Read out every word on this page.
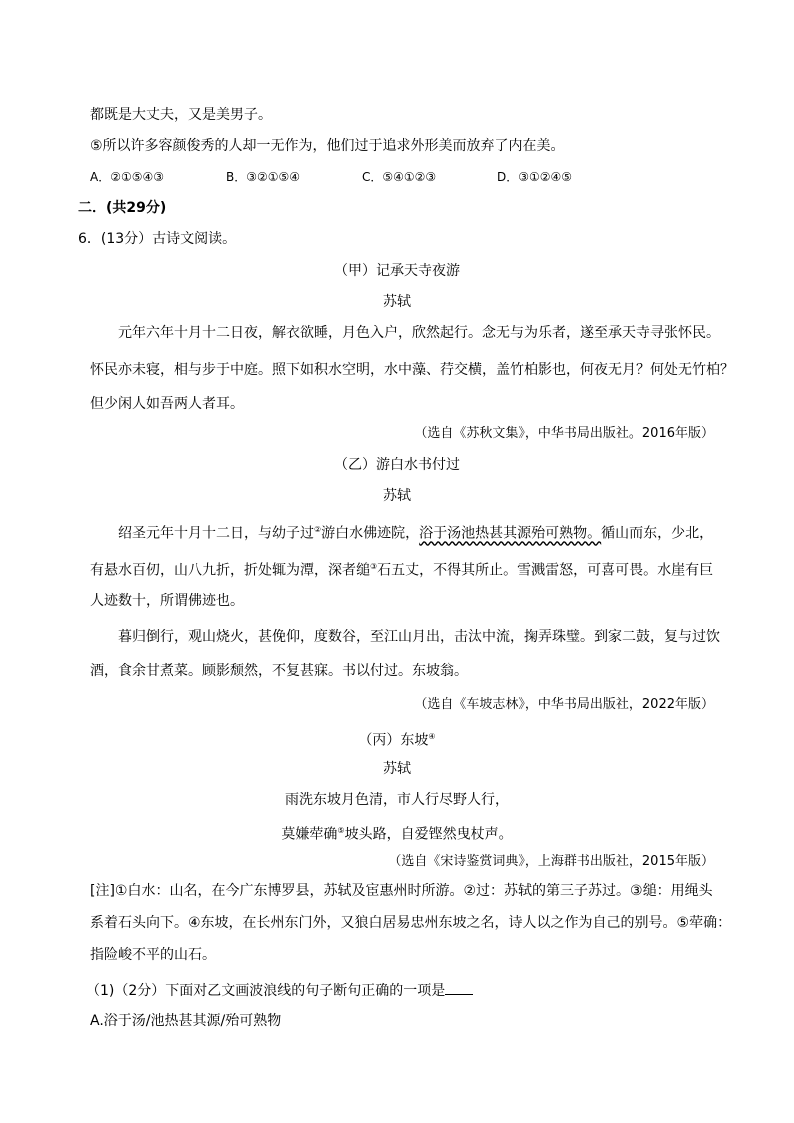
都既是大丈夫，又是美男子。
⑤所以许多容颜俊秀的人却一无作为，他们过于追求外形美而放弃了内在美。
A．②①⑤④③	B．③②①⑤④	C．⑤④①②③	D．③①②④⑤
二．(共29分)
6．(13分）古诗文阅读。
（甲）记承天寺夜游
苏轼
元年六年十月十二日夜，解衣欲睡，月色入户，欣然起行。念无与为乐者，遂至承天寺寻张怀民。
怀民亦未寝，相与步于中庭。照下如积水空明，水中藻、荇交横，盖竹柏影也，何夜无月？何处无竹柏？
但少闲人如吾两人者耳。
（选自《苏秋文集》，中华书局出版社。2016年版）
（乙）游白水书付过
苏轼
绍圣元年十月十二日，与幼子过②游白水佛迹院，浴于汤池热甚其源殆可熟物。循山而东，少北，
有悬水百仞，山八九折，折处辄为潭，深者缒③石五丈，不得其所止。雪溅雷怒，可喜可畏。水崖有巨
人迹数十，所谓佛迹也。
暮归倒行，观山烧火，甚俛仰，度数谷，至江山月出，击汰中流，掬弄珠璧。到家二鼓，复与过饮
酒，食余甘煮菜。顾影颓然，不复甚寐。书以付过。东坡翁。
（选自《车坡志林》，中华书局出版社，2022年版）
（丙）东坡④
苏轼
雨洗东坡月色清，市人行尽野人行，
莫嫌荦确⑤坡头路，自爱铿然曳杖声。
（选自《宋诗鉴赏词典》，上海群书出版社，2015年版）
[注]①白水：山名，在今广东博罗县，苏轼及宦惠州时所游。②过：苏轼的第三子苏过。③缒：用绳头
系着石头向下。④东坡，在长州东门外，又狼白居易忠州东坡之名，诗人以之作为自己的别号。⑤荦确：
指险峻不平的山石。
（1)（2分）下面对乙文画波浪线的句子断句正确的一项是
A.浴于汤/池热甚其源/殆可熟物
